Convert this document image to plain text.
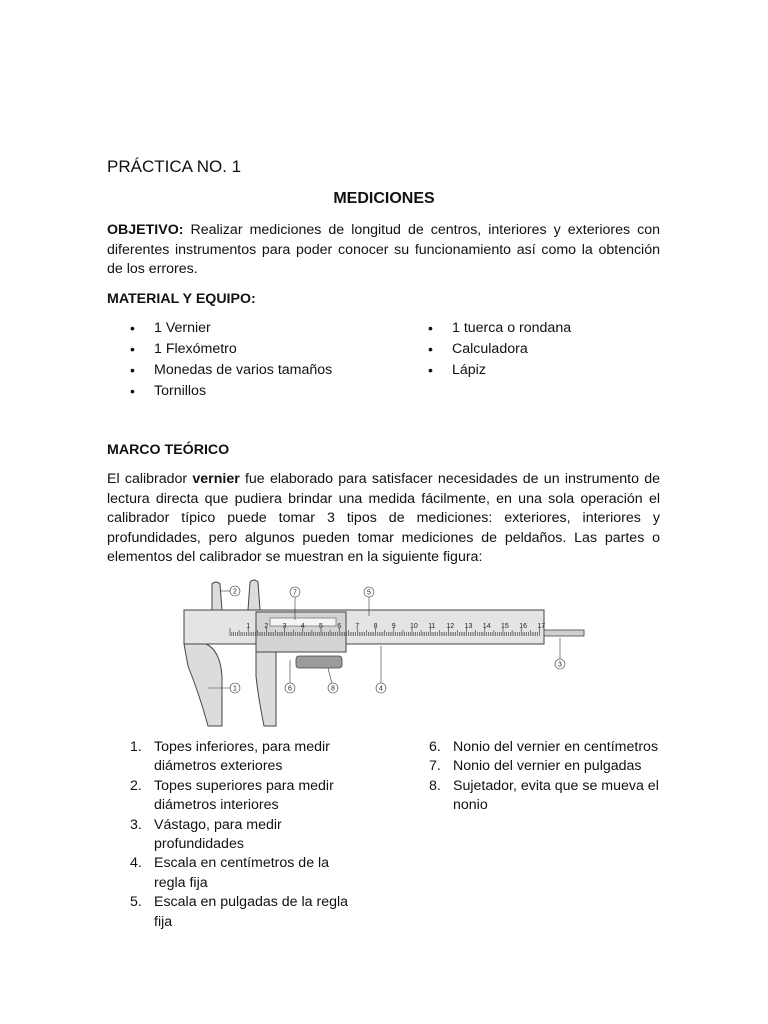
PRÁCTICA NO. 1
MEDICIONES
OBJETIVO: Realizar mediciones de longitud de centros, interiores y exteriores con diferentes instrumentos para poder conocer su funcionamiento así como la obtención de los errores.
MATERIAL Y EQUIPO:
• 1 Vernier
• 1 Flexómetro
• Monedas de varios tamaños
• Tornillos
• 1 tuerca o rondana
• Calculadora
• Lápiz
MARCO TEÓRICO
El calibrador vernier fue elaborado para satisfacer necesidades de un instrumento de lectura directa que pudiera brindar una medida fácilmente, en una sola operación el calibrador típico puede tomar 3 tipos de mediciones: exteriores, interiores y profundidades, pero algunos pueden tomar mediciones de peldaños. Las partes o elementos del calibrador se muestran en la siguiente figura:
1 2 3 4 5 6 7 8 9 10 11 12 13 14 15 16 17
1
2
3
4
5
6
7
8
1. Topes inferiores, para medir diámetros exteriores
2. Topes superiores para medir diámetros interiores
3. Vástago, para medir profundidades
4. Escala en centímetros de la regla fija
5. Escala en pulgadas de la regla fija
6. Nonio del vernier en centímetros
7. Nonio del vernier en pulgadas
8. Sujetador, evita que se mueva el nonio
